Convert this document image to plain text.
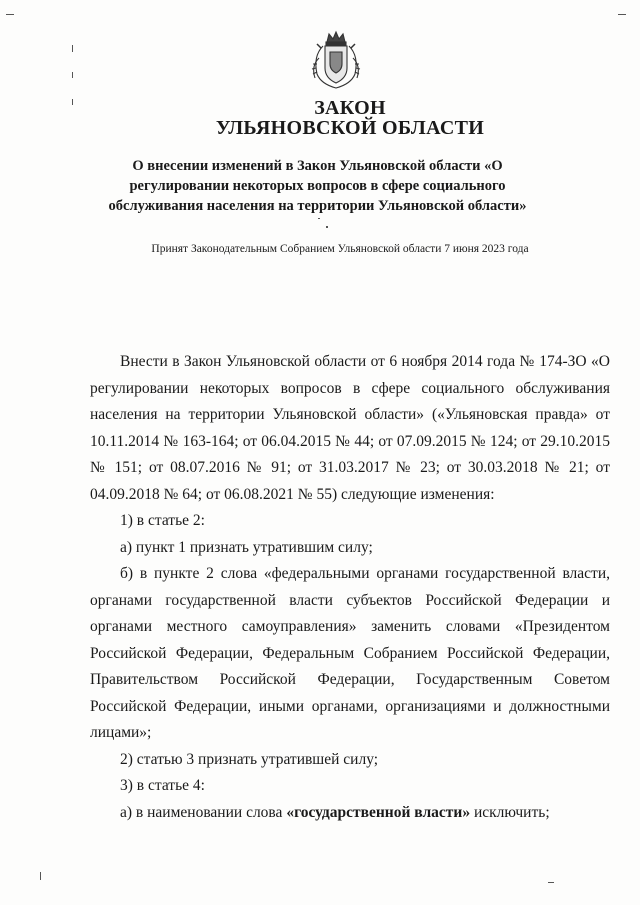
ЗАКОН
УЛЬЯНОВСКОЙ ОБЛАСТИ
О внесении изменений в Закон Ульяновской области «О регулировании некоторых вопросов в сфере социального обслуживания населения на территории Ульяновской области»
Принят Законодательным Собранием Ульяновской области 7 июня 2023 года

Внести в Закон Ульяновской области от 6 ноября 2014 года № 174-ЗО «О регулировании некоторых вопросов в сфере социального обслуживания населения на территории Ульяновской области» («Ульяновская правда» от 10.11.2014 № 163-164; от 06.04.2015 № 44; от 07.09.2015 № 124; от 29.10.2015 № 151; от 08.07.2016 № 91; от 31.03.2017 № 23; от 30.03.2018 № 21; от 04.09.2018 № 64; от 06.08.2021 № 55) следующие изменения:

1) в статье 2:

а) пункт 1 признать утратившим силу;

б) в пункте 2 слова «федеральными органами государственной власти, органами государственной власти субъектов Российской Федерации и органами местного самоуправления» заменить словами «Президентом Российской Федерации, Федеральным Собранием Российской Федерации, Правительством Российской Федерации, Государственным Советом Российской Федерации, иными органами, организациями и должностными лицами»;

2) статью 3 признать утратившей силу;

3) в статье 4:

а) в наименовании слова «государственной власти» исключить;
